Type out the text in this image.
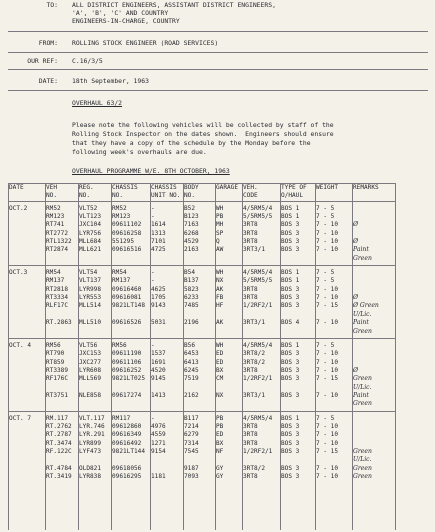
TO: ALL DISTRICT ENGINEERS, ASSISTANT DISTRICT ENGINEERS,
'A', 'B', 'C' AND COUNTRY
ENGINEERS-IN-CHARGE, COUNTRY
FROM: ROLLING STOCK ENGINEER (ROAD SERVICES)
OUR REF: C.16/3/5
DATE: 18th September, 1963
OVERHAUL 63/2
Please note the following vehicles will be collected by staff of the
Rolling Stock Inspector on the dates shown.  Engineers should ensure
that they have a copy of the schedule by the Monday before the
following week's overhauls are due.
OVERHAUL PROGRAMME W/E. 8TH OCTOBER, 1963
DATE	VEH	REG.	CHASSIS	CHASSIS	BODY	GARAGE	VEH.	TYPE OF	WEIGHT	REMARKS
	NO.	NO.	NO.	UNIT NO.	NO.		CODE	O/HAUL		

OCT.2	RM52	VLT52	RM52	-	B52	WH	4/5RM5/4	BOS 1	7 - 5	
	RM123	VLT123	RM123	-	B123	PB	5/5RM5/5	BOS 1	7 - 5	
	RT741	JXC104	09611102	1614	7163	MH	3RT8	BOS 3	7 - 10	Ø
	RT2772	LYR756	09616258	1313	6268	SP	3RT8	BOS 3	7 - 10	
	RTL1322	MLL684	551295	7101	4529	Q	3RT8	BOS 3	7 - 10	Ø
	RT2874	MLL621	09616516	4725	2163	AW	3RT3/1	BOS 3	7 - 10	Paint
										Green

OCT.3	RM54	VLT54	RM54	-	B54	WH	4/5RM5/4	BOS 1	7 - 5	
	RM137	VLT137	RM137	-	B137	NX	5/5RM5/5	BOS 1	7 - 5	
	RT2818	LYR998	09616460	4625	5823	AK	3RT8	BOS 3	7 - 10	
	RT3334	LYR553	09616081	1705	6233	FB	3RT8	BOS 3	7 - 10	Ø
	RLF17C	MLL514	9821LT148	9143	7485	HF	1/2RF2/1	BOS 3	7 - 15	Ø Green
										U/Lic.
	RT.2863	MLL510	09616526	5031	2196	AK	3RT3/1	BOS 4	7 - 10	Paint
										Green

OCT. 4	RM56	VLT56	RM56	-	B56	WH	4/5RM5/4	BOS 1	7 - 5	
	RT790	JXC153	09611190	1537	6453	ED	3RT8/2	BOS 3	7 - 10	
	RT859	JXC277	09611106	1691	6413	ED	3RT8/2	BOS 3	7 - 10	
	RT3389	LYR608	09616252	4520	6245	BX	3RT8	BOS 3	7 - 10	Ø
	RF176C	MLL569	9821LT025	9145	7519	CM	1/2RF2/1	BOS 3	7 - 15	Green
										U/Lic.
	RT3751	NLE858	09617274	1413	2162	NX	3RT3/1	BOS 3	7 - 10	Paint
										Green

OCT. 7	RM.117	VLT.117	RM117	-	B117	PB	4/5RM5/4	BOS 1	7 - 5	
	RT.2762	LYR.746	09612860	4976	7214	PB	3RT8	BOS 3	7 - 10	
	RT.2787	LYR.291	09616349	4559	6279	ED	3RT8	BOS 3	7 - 10	
	RT.3474	LYR899	09616492	1271	7314	BX	3RT8	BOS 3	7 - 10	
	RF.122C	LYF473	9821LT144	9154	7545	NF	1/2RF2/1	BOS 3	7 - 15	Green
										U/Lic.
	RT.4784	OLD821	09618056		9187	GY	3RT8/2	BOS 3	7 - 10	Green
	RT.3419	LYR838	09616295	1181	7093	GY	3RT8	BOS 3	7 - 10	Green
